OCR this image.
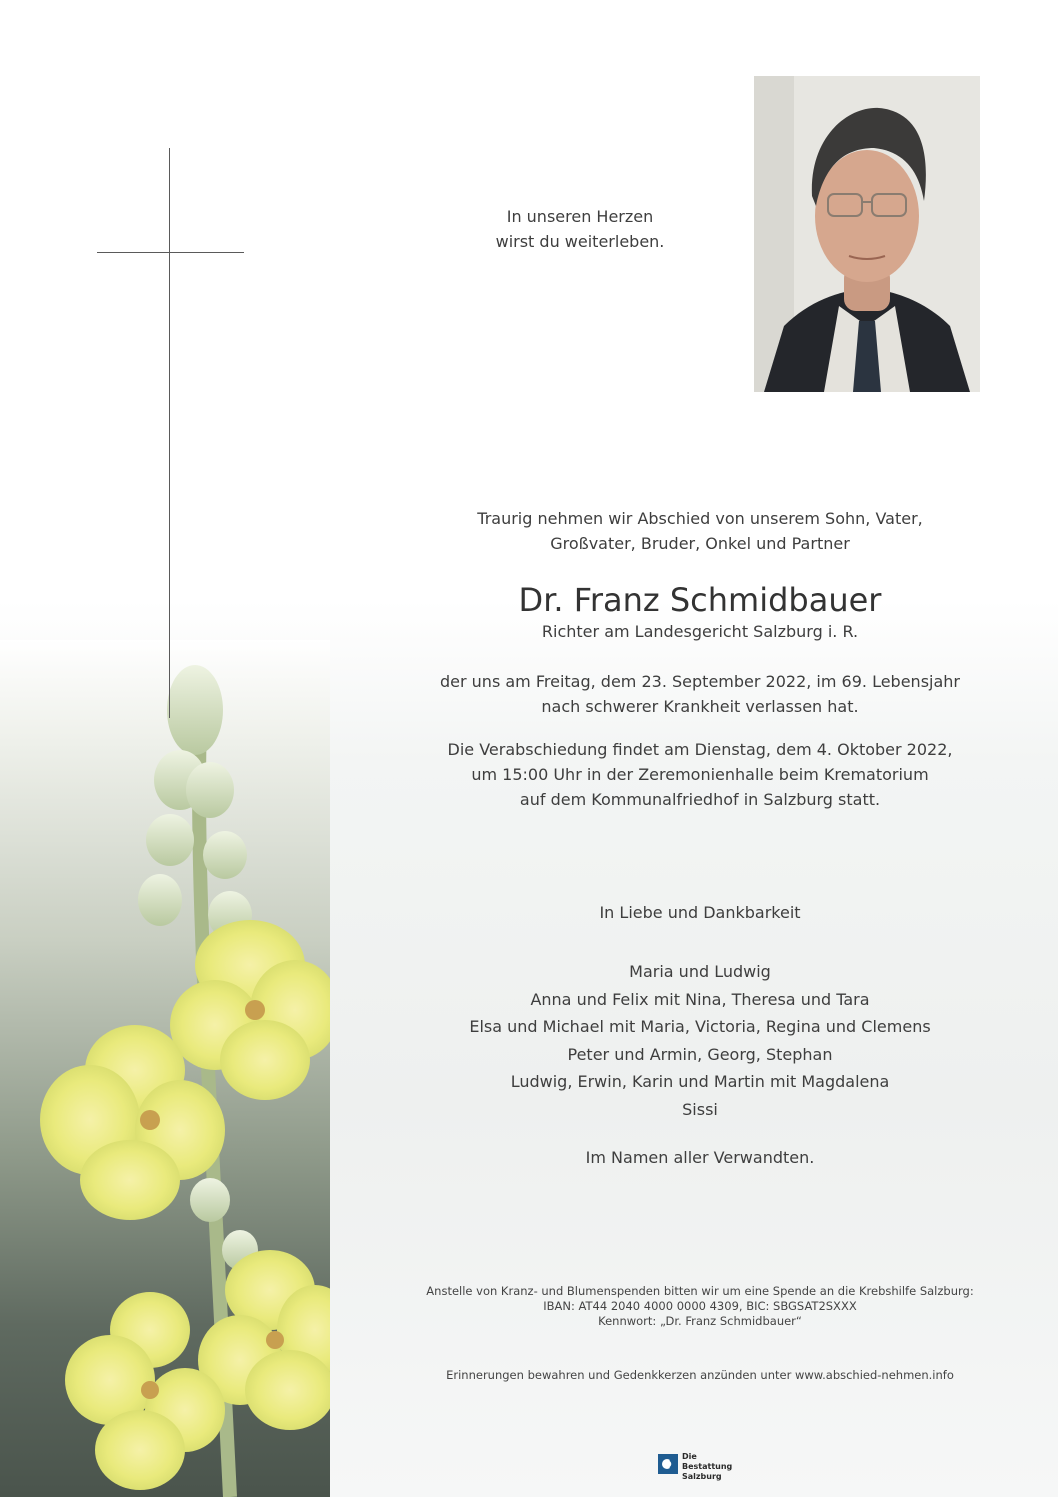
In unseren Herzen
wirst du weiterleben.
Traurig nehmen wir Abschied von unserem Sohn, Vater,
Großvater, Bruder, Onkel und Partner
Dr. Franz Schmidbauer
Richter am Landesgericht Salzburg i. R.
der uns am Freitag, dem 23. September 2022, im 69. Lebensjahr
nach schwerer Krankheit verlassen hat.
Die Verabschiedung findet am Dienstag, dem 4. Oktober 2022,
um 15:00 Uhr in der Zeremonienhalle beim Krematorium
auf dem Kommunalfriedhof in Salzburg statt.
In Liebe und Dankbarkeit
Maria und Ludwig
Anna und Felix mit Nina, Theresa und Tara
Elsa und Michael mit Maria, Victoria, Regina und Clemens
Peter und Armin, Georg, Stephan
Ludwig, Erwin, Karin und Martin mit Magdalena
Sissi
Im Namen aller Verwandten.
Anstelle von Kranz- und Blumenspenden bitten wir um eine Spende an die Krebshilfe Salzburg:
IBAN: AT44 2040 4000 0000 4309, BIC: SBGSAT2SXXX
Kennwort: „Dr. Franz Schmidbauer“
Erinnerungen bewahren und Gedenkkerzen anzünden unter www.abschied-nehmen.info
Die Bestattung
Salzburg
